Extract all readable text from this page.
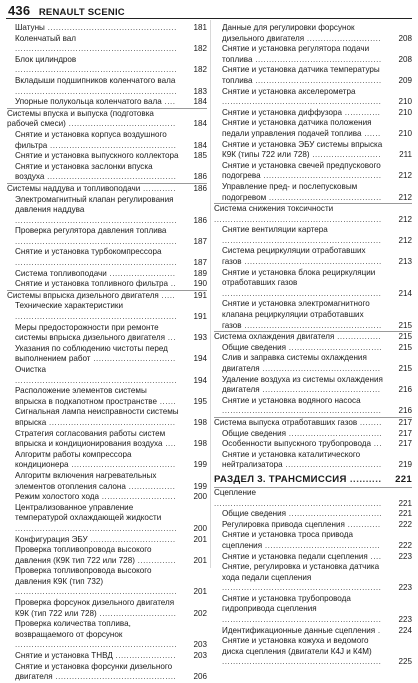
436 RENAULT SCENIC
Шатуны ............................................... 181
Коленчатый вал ........................................................... 182
Блок цилиндров ........................................................... 182
Вкладыши подшипников коленчатого вала ........................................................... 183
Упорные полукольца коленчатого вала .... 184
Системы впуска и выпуска (подготовка рабочей смеси) ....................................... 184
Снятие и установка корпуса воздушного фильтра .............................................. 184
Снятие и установка выпускного коллектора 185
Снятие и установка заслонки впуска воздуха ............................................... 186
Системы наддува и топливоподачи ............ 186
Электромагнитный клапан регулирования давления наддува ........................................................... 186
Проверка регулятора давления топлива ........................................................... 187
Снятие и установка турбокомпрессора ........................................................... 187
Система топливоподачи ........................ 189
Снятие и установка топливного фильтра .. 190
Системы впрыска дизельного двигателя ..... 191
Технические характеристики ........................................................... 191
Меры предосторожности при ремонте системы впрыска дизельного двигателя ... 193
Указания по соблюдению чистоты перед выполнением работ .............................. 194
Очистка ........................................................... 194
Расположение элементов системы впрыска в подкапотном пространстве ...... 195
Сигнальная лампа неисправности системы впрыска .............................................. 198
Стратегия согласования работы систем впрыска и кондиционирования воздуха .... 198
Алгоритм работы компрессора кондиционера ...................................... 199
Алгоритм включения нагревательных элементов отопления салона ................. 199
Режим холостого хода ........................... 200
Централизованное управление температурой охлаждающей жидкости ........................................................... 200
Конфигурация ЭБУ ............................... 201
Проверка топливопровода высокого давления (К9К тип 722 или 728) .............. 201
Проверка топливопровода высокого давления К9К (тип 732) ........................................................... 201
Проверка форсунок дизельного двигателя К9К (тип 722 или 728) ............................ 202
Проверка количества топлива, возвращаемого от форсунок ........................................................... 203
Снятие и установка ТНВД ...................... 203
Снятие и установка форсунки дизельного двигателя ............................................ 206
Данные для регулировки форсунок дизельного двигателя ........................... 208
Снятие и установка регулятора подачи топлива .............................................. 208
Снятие и установка датчика температуры топлива .............................................. 209
Снятие и установка акселерометра .......................................................... 210
Снятие и установка диффузора ............. 210
Снятие и установка датчика положения педали управления подачей топлива ...... 210
Снятие и установка ЭБУ системы впрыска К9К (типы 722 или 728) ......................... 211
Снятие и установка свечей предпускового подогрева ........................................... 212
Управление пред- и послепусковым подогревом ......................................... 212
Система снижения токсичности ............................................................. 212
Снятие вентиляции картера .......................................................... 212
Система рециркуляции отработавших газов .................................................. 213
Снятие и установка блока рециркуляции отработавших газов .......................................................... 214
Снятие и установка электромагнитного клапана рециркуляции отработавших газов .................................................. 215
Система охлаждения двигателя ................ 215
Общие сведения .................................. 215
Слив и заправка системы охлаждения двигателя ........................................... 215
Удаление воздуха из системы охлаждения двигателя ........................................... 216
Снятие и установка водяного насоса .......................................................... 216
Система выпуска отработавших газов ........ 217
Общие сведения .................................. 217
Особенности выпускного трубопровода ... 217
Снятие и установка каталитического нейтрализатора ................................... 219
РАЗДЕЛ 3. ТРАНСМИССИЯ .......... 221
Сцепление ............................................................. 221
Общие сведения .................................. 221
Регулировка привода сцепления ............ 222
Снятие и установка троса привода сцепления .......................................... 222
Снятие и установка педали сцепления .... 223
Снятие, регулировка и установка датчика хода педали сцепления .......................................................... 223
Снятие и установка трубопровода гидропривода сцепления .......................................................... 223
Идентификационные данные сцепления . 224
Снятие и установка кожуха и ведомого диска сцепления (двигатели К4J и К4М) .......................................................... 225
